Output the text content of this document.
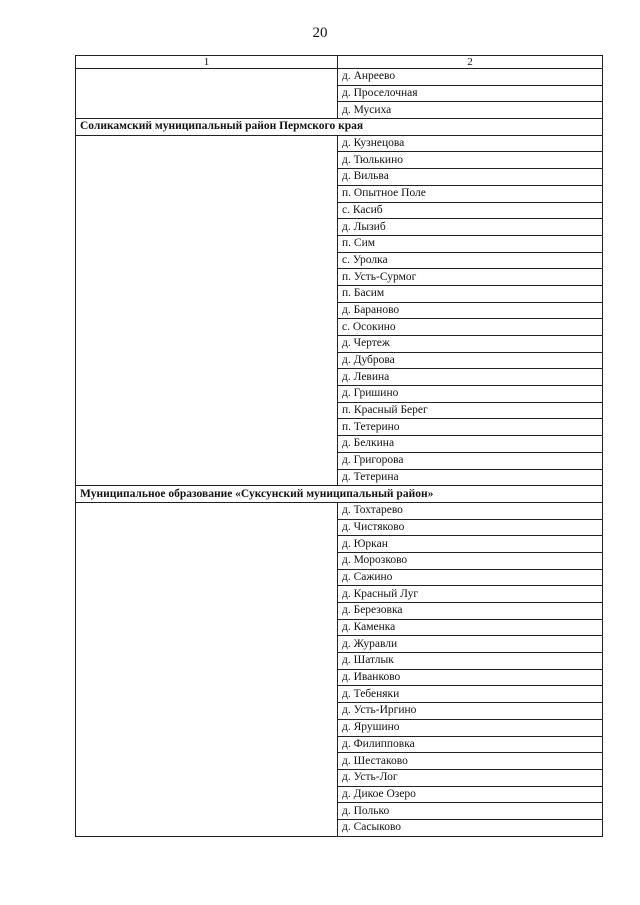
20
1	2
	д. Анреево
	д. Проселочная
	д. Мусиха
Соликамский муниципальный район Пермского края	
	д. Кузнецова
	д. Тюлькино
	д. Вильва
	п. Опытное Поле
	с. Касиб
	д. Лызиб
	п. Сим
	с. Уролка
	п. Усть-Сурмог
	п. Басим
	д. Бараново
	с. Осокино
	д. Чертеж
	д. Дуброва
	д. Левина
	д. Гришино
	п. Красный Берег
	п. Тетерино
	д. Белкина
	д. Григорова
	д. Тетерина
Муниципальное образование «Суксунский муниципальный район»	
	д. Тохтарево
	д. Чистяково
	д. Юркан
	д. Морозково
	д. Сажино
	д. Красный Луг
	д. Березовка
	д. Каменка
	д. Журавли
	д. Шатлык
	д. Иванково
	д. Тебеняки
	д. Усть-Иргино
	д. Ярушино
	д. Филипповка
	д. Шестаково
	д. Усть-Лог
	д. Дикое Озеро
	д. Полько
	д. Сасыково
